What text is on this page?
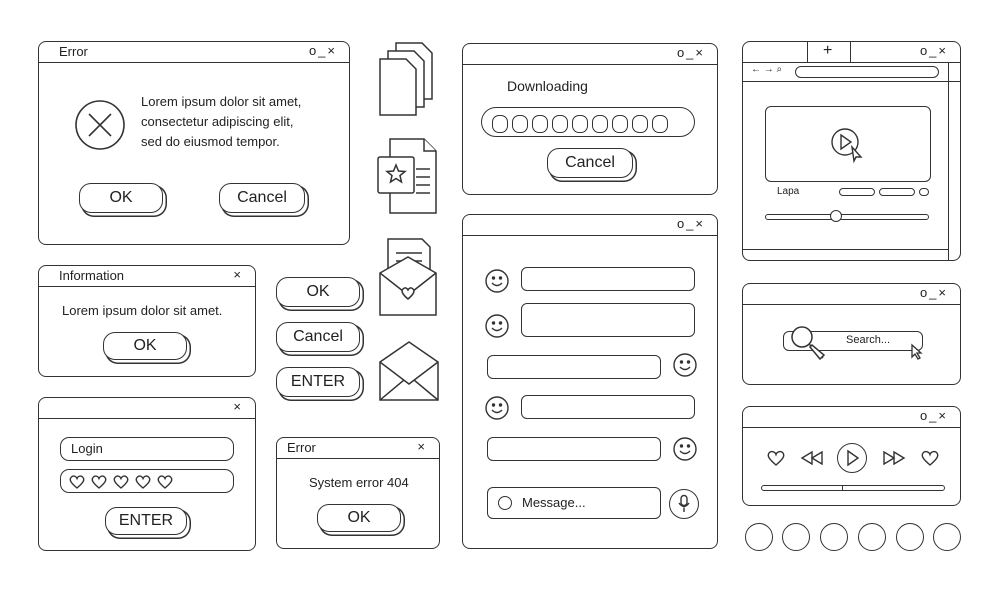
Error	o_×
Lorem ipsum dolor sit amet,
consectetur adipiscing elit,
sed do eiusmod tempor.
OK	Cancel
Information	×
Lorem ipsum dolor sit amet.
OK
×
Login
ENTER
OK
Cancel
ENTER
Error	×
System error 404
OK
o_×
Downloading
Cancel
o_×
Message...
+	o_×
← → ⌕
Lapa
o_×
Search...
o_×
